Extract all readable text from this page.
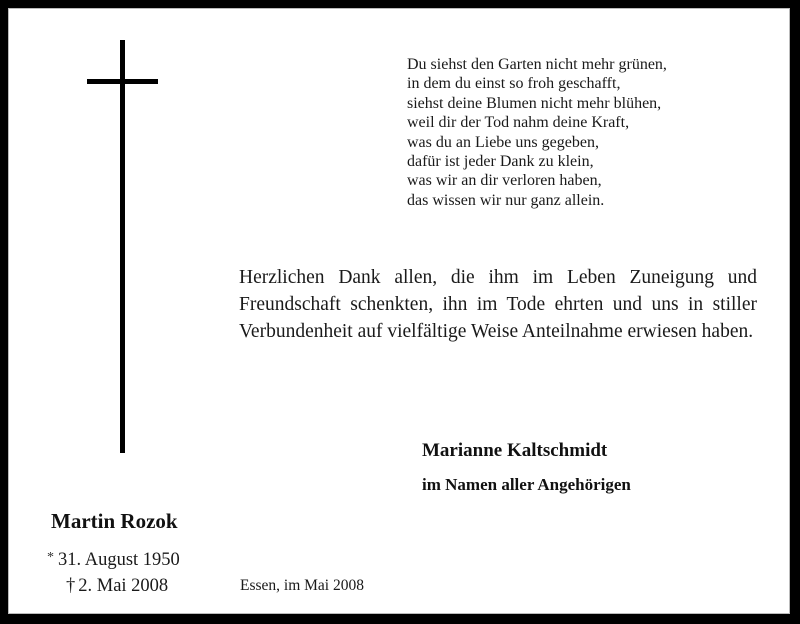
Du siehst den Garten nicht mehr grünen,
in dem du einst so froh geschafft,
siehst deine Blumen nicht mehr blühen,
weil dir der Tod nahm deine Kraft,
was du an Liebe uns gegeben,
dafür ist jeder Dank zu klein,
was wir an dir verloren haben,
das wissen wir nur ganz allein.
Herzlichen Dank allen, die ihm im Leben Zuneigung und Freundschaft schenkten, ihn im Tode ehrten und uns in stiller Verbundenheit auf vielfältige Weise Anteilnahme erwiesen haben.
Marianne Kaltschmidt
im Namen aller Angehörigen
Martin Rozok
* 31. August 1950
† 2. Mai 2008	Essen, im Mai 2008
